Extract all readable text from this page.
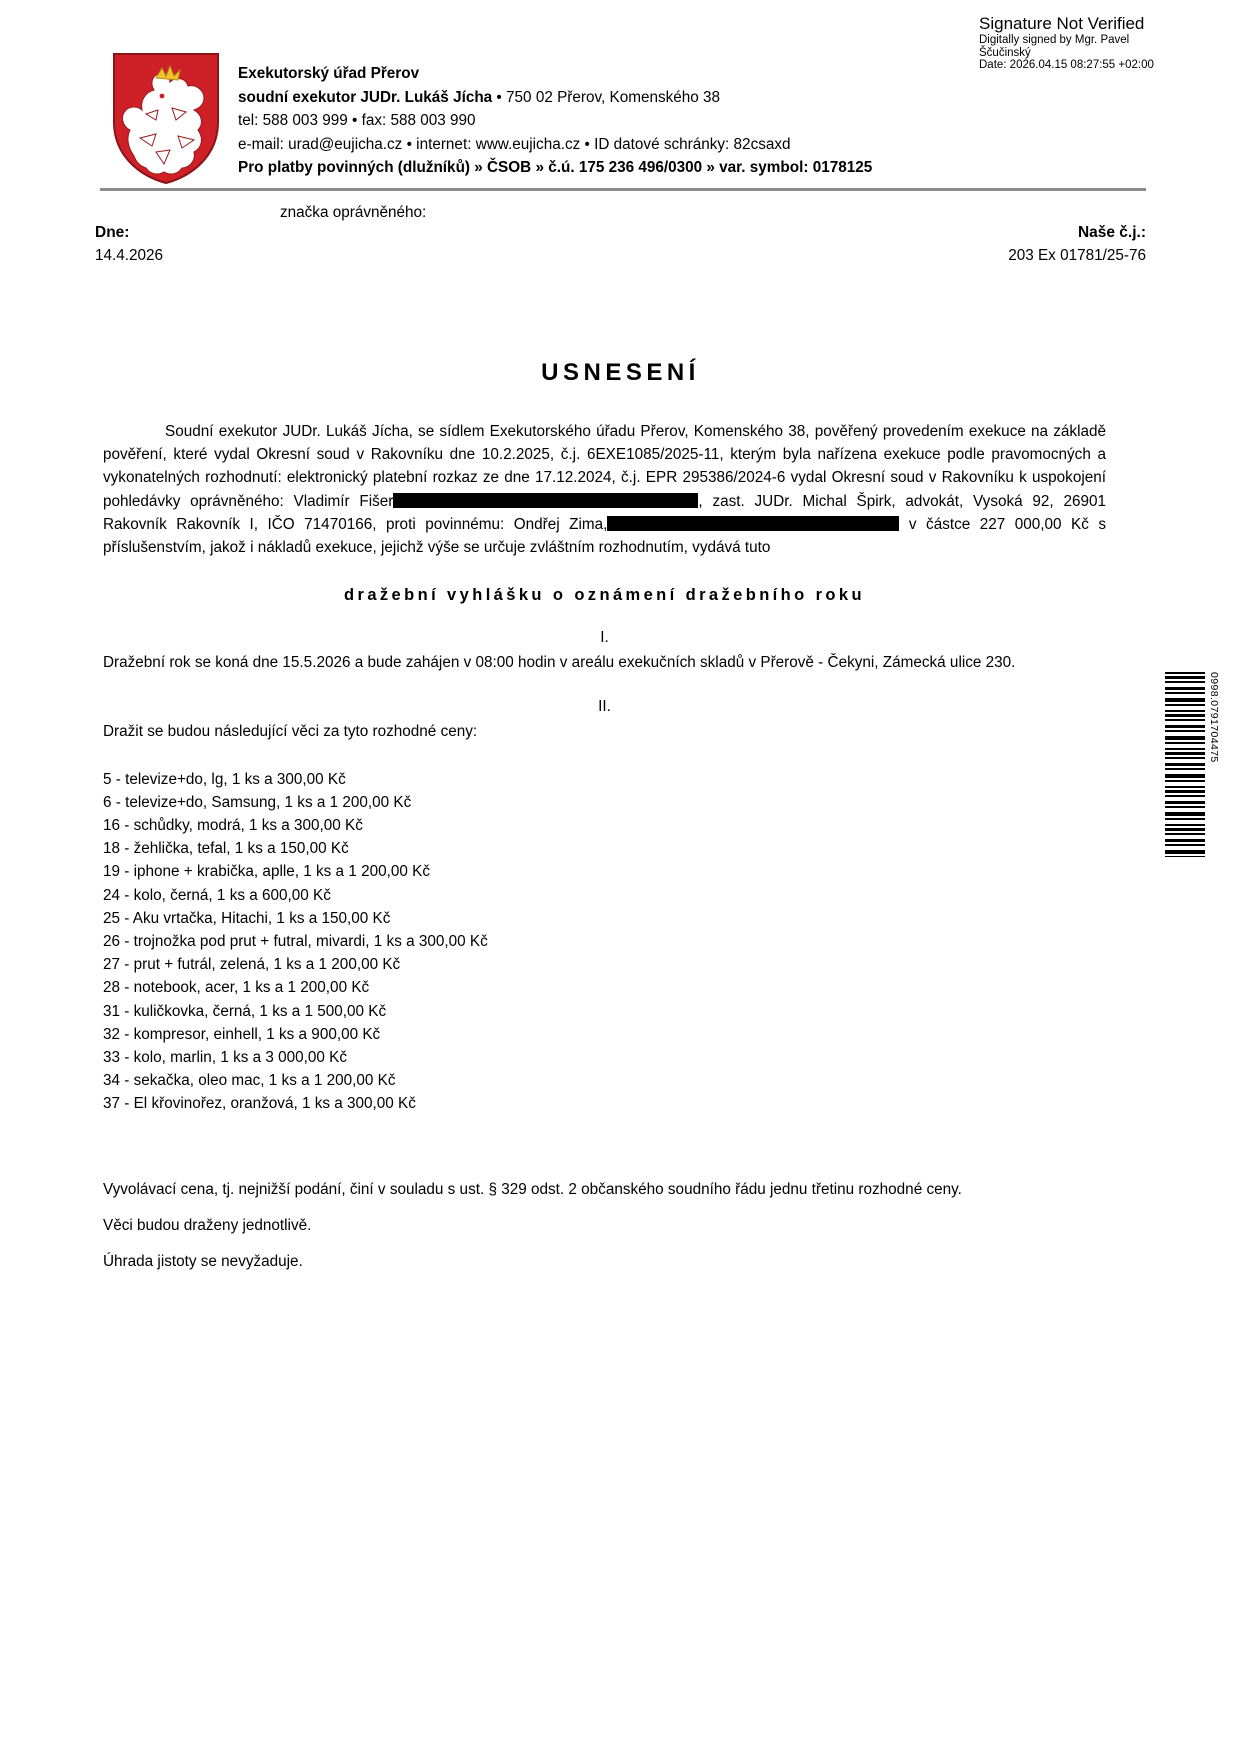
Signature Not Verified
Digitally signed by Mgr. Pavel
Ščučinský
Date: 2026.04.15 08:27:55 +02:00
Exekutorský úřad Přerov
soudní exekutor JUDr. Lukáš Jícha • 750 02 Přerov, Komenského 38
tel: 588 003 999 • fax: 588 003 990
e-mail: urad@eujicha.cz • internet: www.eujicha.cz • ID datové schránky: 82csaxd
Pro platby povinných (dlužníků) » ČSOB » č.ú. 175 236 496/0300 » var. symbol: 0178125
značka oprávněného:
Dne:
14.4.2026
Naše č.j.:
203 Ex 01781/25-76
USNESENÍ
0998.0791704475

Soudní exekutor JUDr. Lukáš Jícha, se sídlem Exekutorského úřadu Přerov, Komenského 38, pověřený provedením exekuce na základě pověření, které vydal Okresní soud v Rakovníku dne 10.2.2025, č.j. 6EXE1085/2025-11, kterým byla nařízena exekuce podle pravomocných a vykonatelných rozhodnutí: elektronický platební rozkaz ze dne 17.12.2024, č.j. EPR 295386/2024-6 vydal Okresní soud v Rakovníku k uspokojení pohledávky oprávněného: Vladimír Fišer	, zast. JUDr. Michal Špirk, advokát, Vysoká 92, 26901 Rakovník Rakovník I, IČO 71470166, proti povinnému: Ondřej Zima,	v částce 227 000,00 Kč s příslušenstvím, jakož i nákladů exekuce, jejichž výše se určuje zvláštním rozhodnutím, vydává tuto

dražební vyhlášku o oznámení dražebního roku
I.

Dražební rok se koná dne 15.5.2026 a bude zahájen v 08:00 hodin v areálu exekučních skladů v Přerově - Čekyni, Zámecká ulice 230.

II.

Dražit se budou následující věci za tyto rozhodné ceny:

5 - televize+do, lg, 1 ks a 300,00 Kč
6 - televize+do, Samsung, 1 ks a 1 200,00 Kč
16 - schůdky, modrá, 1 ks a 300,00 Kč
18 - žehlička, tefal, 1 ks a 150,00 Kč
19 - iphone + krabička, aplle, 1 ks a 1 200,00 Kč
24 - kolo, černá, 1 ks a 600,00 Kč
25 - Aku vrtačka, Hitachi, 1 ks a 150,00 Kč
26 - trojnožka pod prut + futral, mivardi, 1 ks a 300,00 Kč
27 - prut + futrál, zelená, 1 ks a 1 200,00 Kč
28 - notebook, acer, 1 ks a 1 200,00 Kč
31 - kuličkovka, černá, 1 ks a 1 500,00 Kč
32 - kompresor, einhell, 1 ks a 900,00 Kč
33 - kolo, marlin, 1 ks a 3 000,00 Kč
34 - sekačka, oleo mac, 1 ks a 1 200,00 Kč
37 - El křovinořez, oranžová, 1 ks a 300,00 Kč

Vyvolávací cena, tj. nejnižší podání, činí v souladu s ust. § 329 odst. 2 občanského soudního řádu jednu třetinu rozhodné ceny.

Věci budou draženy jednotlivě.

Úhrada jistoty se nevyžaduje.
